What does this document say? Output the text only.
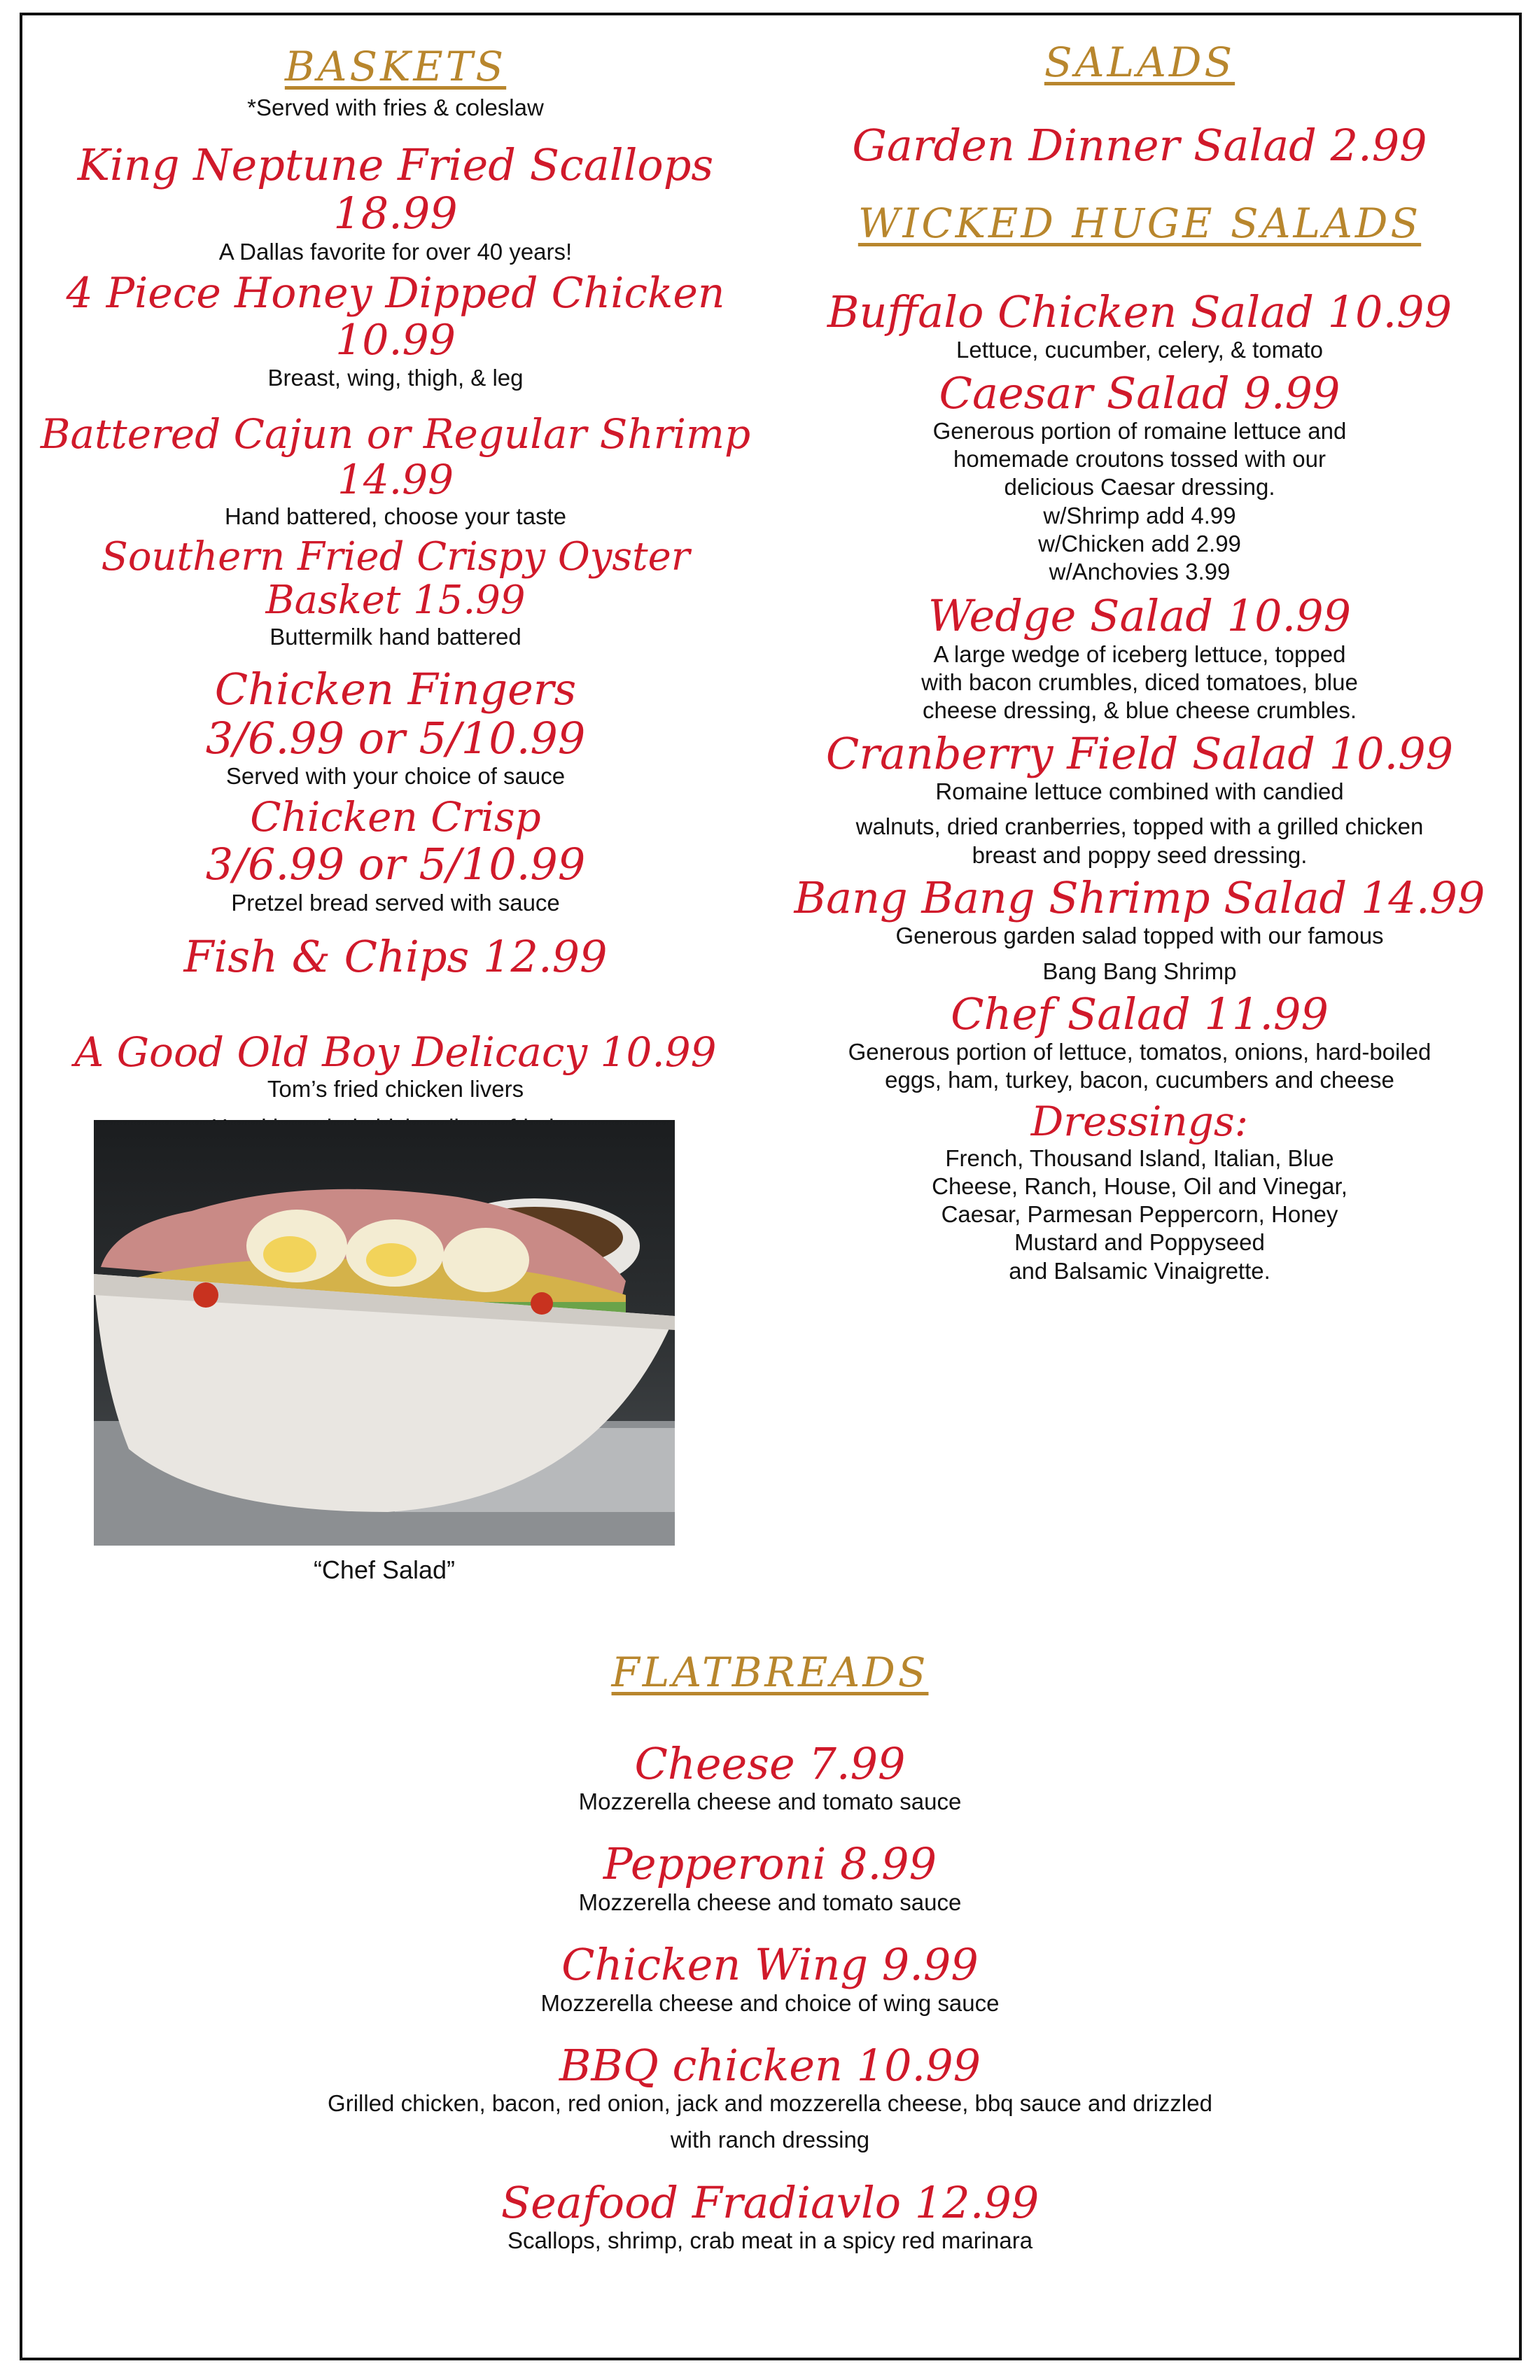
BASKETS

*Served with fries & coleslaw

King Neptune Fried Scallops 18.99

A Dallas favorite for over 40 years!

4 Piece Honey Dipped Chicken 10.99

Breast, wing, thigh, & leg

Battered Cajun or Regular Shrimp

14.99

Hand battered, choose your taste

Southern Fried Crispy Oyster Basket 15.99

Buttermilk hand battered

Chicken Fingers

3/6.99 or 5/10.99

Served with your choice of sauce

Chicken Crisp

3/6.99 or 5/10.99

Pretzel bread served with sauce

Fish & Chips 12.99

A Good Old Boy Delicacy 10.99

Tom’s fried chicken livers

“Chef Salad”

SALADS

Garden Dinner Salad 2.99

WICKED HUGE SALADS

Buffalo Chicken Salad 10.99

Lettuce, cucumber, celery, & tomato

Caesar Salad 9.99

Generous portion of romaine lettuce and

homemade croutons tossed with our

delicious Caesar dressing.

w/Shrimp add 4.99

w/Chicken add 2.99

w/Anchovies 3.99

Wedge Salad 10.99

A large wedge of iceberg lettuce, topped

with bacon crumbles, diced tomatoes, blue

cheese dressing, & blue cheese crumbles.

Cranberry Field Salad 10.99

Romaine lettuce combined with candied

walnuts, dried cranberries, topped with a grilled chicken

breast and poppy seed dressing.

Bang Bang Shrimp Salad 14.99

Generous garden salad topped with our famous

Bang Bang Shrimp

Chef Salad 11.99

Generous portion of lettuce, tomatos, onions, hard-boiled

eggs, ham, turkey, bacon, cucumbers and cheese

Dressings:

French, Thousand Island, Italian, Blue

Cheese, Ranch, House, Oil and Vinegar,

Caesar, Parmesan Peppercorn, Honey

Mustard and Poppyseed

and Balsamic Vinaigrette.

FLATBREADS

Cheese 7.99

Mozzerella cheese and tomato sauce

Pepperoni 8.99

Mozzerella cheese and tomato sauce

Chicken Wing 9.99

Mozzerella cheese and choice of wing sauce

BBQ chicken 10.99

Grilled chicken, bacon, red onion, jack and mozzerella cheese, bbq sauce and drizzled

with ranch dressing

Seafood Fradiavlo 12.99

Scallops, shrimp, crab meat in a spicy red marinara
